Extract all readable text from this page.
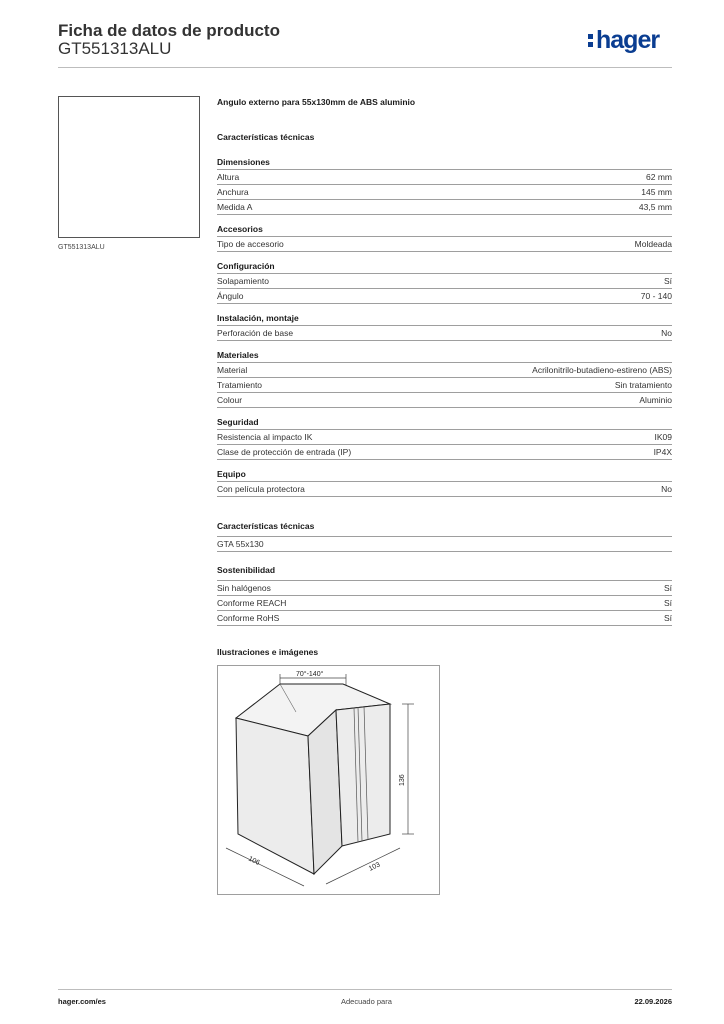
Ficha de datos de producto
GT551313ALU	hager
GT551313ALU
Angulo externo para 55x130mm de ABS aluminio
Características técnicas
Dimensiones
Altura	62 mm
Anchura	145 mm
Medida A	43,5 mm
Accesorios
Tipo de accesorio	Moldeada
Configuración
Solapamiento	Sí
Ángulo	70 - 140
Instalación, montaje
Perforación de base	No
Materiales
Material	Acrilonitrilo-butadieno-estireno (ABS)
Tratamiento	Sin tratamiento
Colour	Aluminio
Seguridad
Resistencia al impacto IK	IK09
Clase de protección de entrada (IP)	IP4X
Equipo
Con película protectora	No
Características técnicas
GTA 55x130
Sostenibilidad
Sin halógenos	Sí
Conforme REACH	Sí
Conforme RoHS	Sí
Ilustraciones e imágenes
70°-140°
136
106
103
hager.com/es	Adecuado para	22.09.2026
